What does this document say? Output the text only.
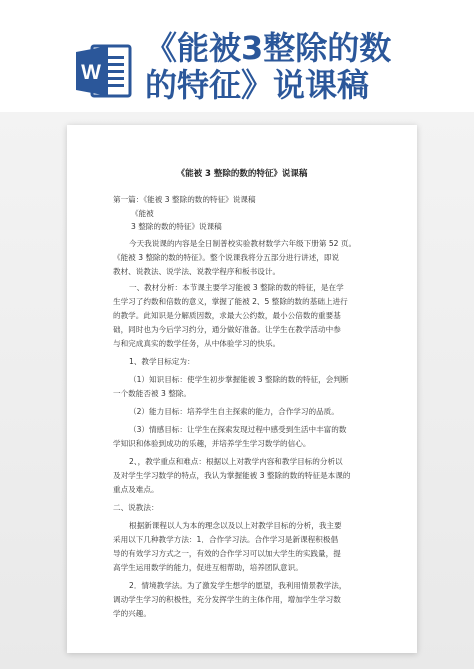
W
《能被3整除的数
的特征》说课稿
《能被 3 整除的数的特征》说课稿
第一篇：《能被 3 整除的数的特征》说课稿
《能被
3 整除的数的特征》说课稿
今天我说课的内容是全日制普校实验教材数学六年级下册第 52 页。
《能被 3 整除的数的特征》。整个说课我将分五部分进行讲述，即说
教材、说教法、说学法、说教学程序和板书设计。
一、教材分析：本节课主要学习能被 3 整除的数的特征，是在学
生学习了约数和倍数的意义，掌握了能被 2、5 整除的数的基础上进行
的教学。此知识是分解质因数，求最大公约数，最小公倍数的重要基
础，同时也为今后学习约分，通分做好准备。让学生在教学活动中参
与和完成真实的数学任务，从中体验学习的快乐。
1、教学目标定为：
（1）知识目标：使学生初步掌握能被 3 整除的数的特征，会判断
一个数能否被 3 整除。
（2）能力目标：培养学生自主探索的能力，合作学习的品质。
（3）情感目标：让学生在探索发现过程中感受到生活中丰富的数
学知识和体验到成功的乐趣，并培养学生学习数学的信心。
2、，教学重点和难点：根据以上对教学内容和教学目标的分析以
及对学生学习数学的特点，我认为掌握能被 3 整除的数的特征是本课的
重点及难点。
二、说教法：
根据新课程以人为本的理念以及以上对教学目标的分析，我主要
采用以下几种教学方法：1．合作学习法。合作学习是新课程积极倡
导的有效学习方式之一，有效的合作学习可以加大学生的实践量，提
高学生运用数学的能力，促进互相帮助，培养团队意识。
2．情境教学法。为了激发学生想学的愿望，我利用情景教学法，
调动学生学习的积极性，充分发挥学生的主体作用，增加学生学习数
学的兴趣。
